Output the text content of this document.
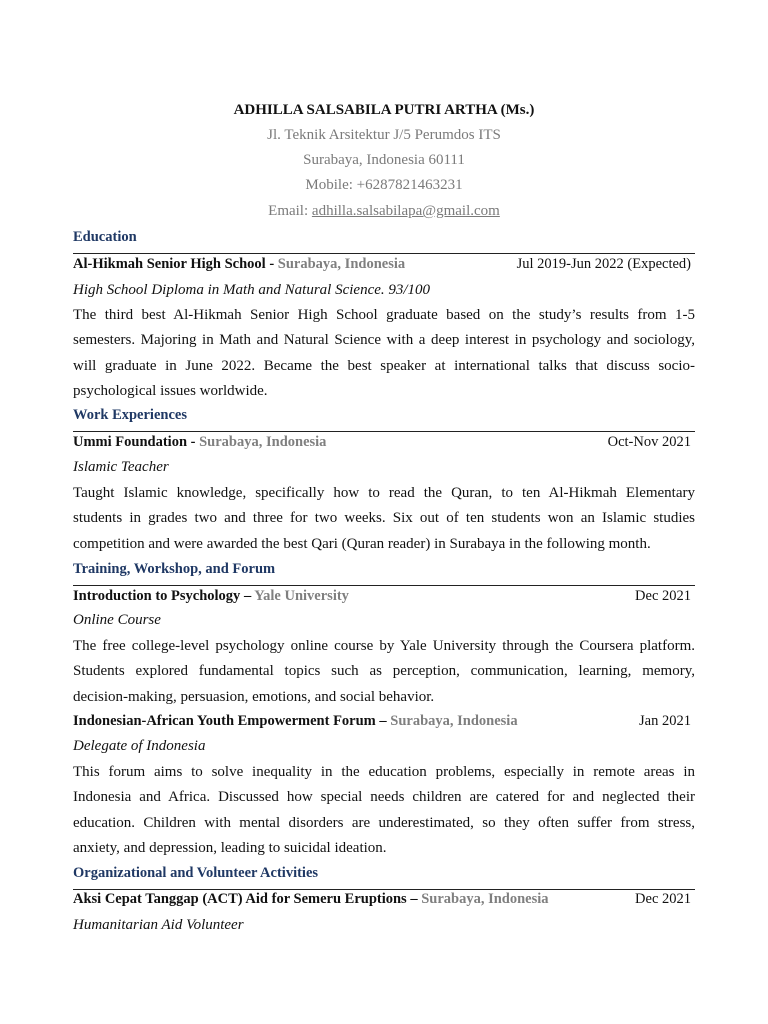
ADHILLA SALSABILA PUTRI ARTHA (Ms.)
Jl. Teknik Arsitektur J/5 Perumdos ITS
Surabaya, Indonesia 60111
Mobile: +6287821463231
Email: adhilla.salsabilapa@gmail.com
Education
Al-Hikmah Senior High School - Surabaya, Indonesia	Jul 2019-Jun 2022 (Expected)
High School Diploma in Math and Natural Science. 93/100
The third best Al-Hikmah Senior High School graduate based on the study’s results from 1-5
semesters. Majoring in Math and Natural Science with a deep interest in psychology and sociology,
will graduate in June 2022. Became the best speaker at international talks that discuss socio-
psychological issues worldwide.
Work Experiences
Ummi Foundation - Surabaya, Indonesia	Oct-Nov 2021
Islamic Teacher
Taught Islamic knowledge, specifically how to read the Quran, to ten Al-Hikmah Elementary
students in grades two and three for two weeks. Six out of ten students won an Islamic studies
competition and were awarded the best Qari (Quran reader) in Surabaya in the following month.
Training, Workshop, and Forum
Introduction to Psychology – Yale University	Dec 2021
Online Course
The free college-level psychology online course by Yale University through the Coursera platform.
Students explored fundamental topics such as perception, communication, learning, memory,
decision-making, persuasion, emotions, and social behavior.
Indonesian-African Youth Empowerment Forum – Surabaya, Indonesia	Jan 2021
Delegate of Indonesia
This forum aims to solve inequality in the education problems, especially in remote areas in
Indonesia and Africa. Discussed how special needs children are catered for and neglected their
education. Children with mental disorders are underestimated, so they often suffer from stress,
anxiety, and depression, leading to suicidal ideation.
Organizational and Volunteer Activities
Aksi Cepat Tanggap (ACT) Aid for Semeru Eruptions – Surabaya, Indonesia	Dec 2021
Humanitarian Aid Volunteer
